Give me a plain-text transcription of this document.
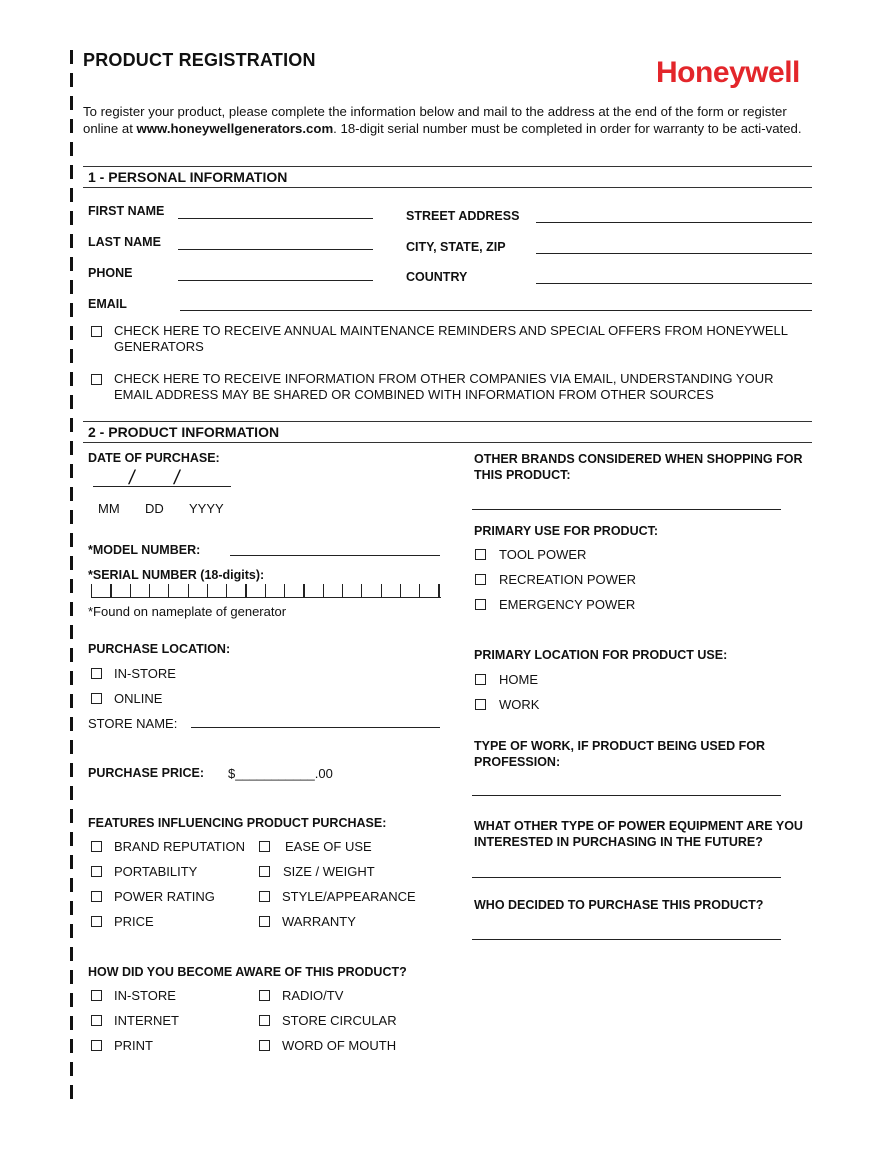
PRODUCT REGISTRATION	Honeywell
To register your product, please complete the information below and mail to the address at the end of the form or register online at www.honeywellgenerators.com. 18-digit serial number must be completed in order for warranty to be acti-vated.
1 - PERSONAL INFORMATION
FIRST NAME
LAST NAME
PHONE
EMAIL
STREET ADDRESS
CITY, STATE, ZIP
COUNTRY
CHECK HERE TO RECEIVE ANNUAL MAINTENANCE REMINDERS AND SPECIAL OFFERS FROM HONEYWELL GENERATORS
CHECK HERE TO RECEIVE INFORMATION FROM OTHER COMPANIES VIA EMAIL, UNDERSTANDING YOUR EMAIL ADDRESS MAY BE SHARED OR COMBINED WITH INFORMATION FROM OTHER SOURCES
2 - PRODUCT INFORMATION
DATE OF PURCHASE:
/ /
MM DD YYYY
*MODEL NUMBER:
*SERIAL NUMBER (18-digits):
*Found on nameplate of generator
PURCHASE LOCATION:
IN-STORE
ONLINE
STORE NAME:
PURCHASE PRICE: $___________.00
FEATURES INFLUENCING PRODUCT PURCHASE:
BRAND REPUTATION
PORTABILITY
POWER RATING
PRICE
EASE OF USE
SIZE / WEIGHT
STYLE/APPEARANCE
WARRANTY
HOW DID YOU BECOME AWARE OF THIS PRODUCT?
IN-STORE
INTERNET
PRINT
RADIO/TV
STORE CIRCULAR
WORD OF MOUTH
OTHER BRANDS CONSIDERED WHEN SHOPPING FOR THIS PRODUCT:
PRIMARY USE FOR PRODUCT:
TOOL POWER
RECREATION POWER
EMERGENCY POWER
PRIMARY LOCATION FOR PRODUCT USE:
HOME
WORK
TYPE OF WORK, IF PRODUCT BEING USED FOR PROFESSION:
WHAT OTHER TYPE OF POWER EQUIPMENT ARE YOU INTERESTED IN PURCHASING IN THE FUTURE?
WHO DECIDED TO PURCHASE THIS PRODUCT?
